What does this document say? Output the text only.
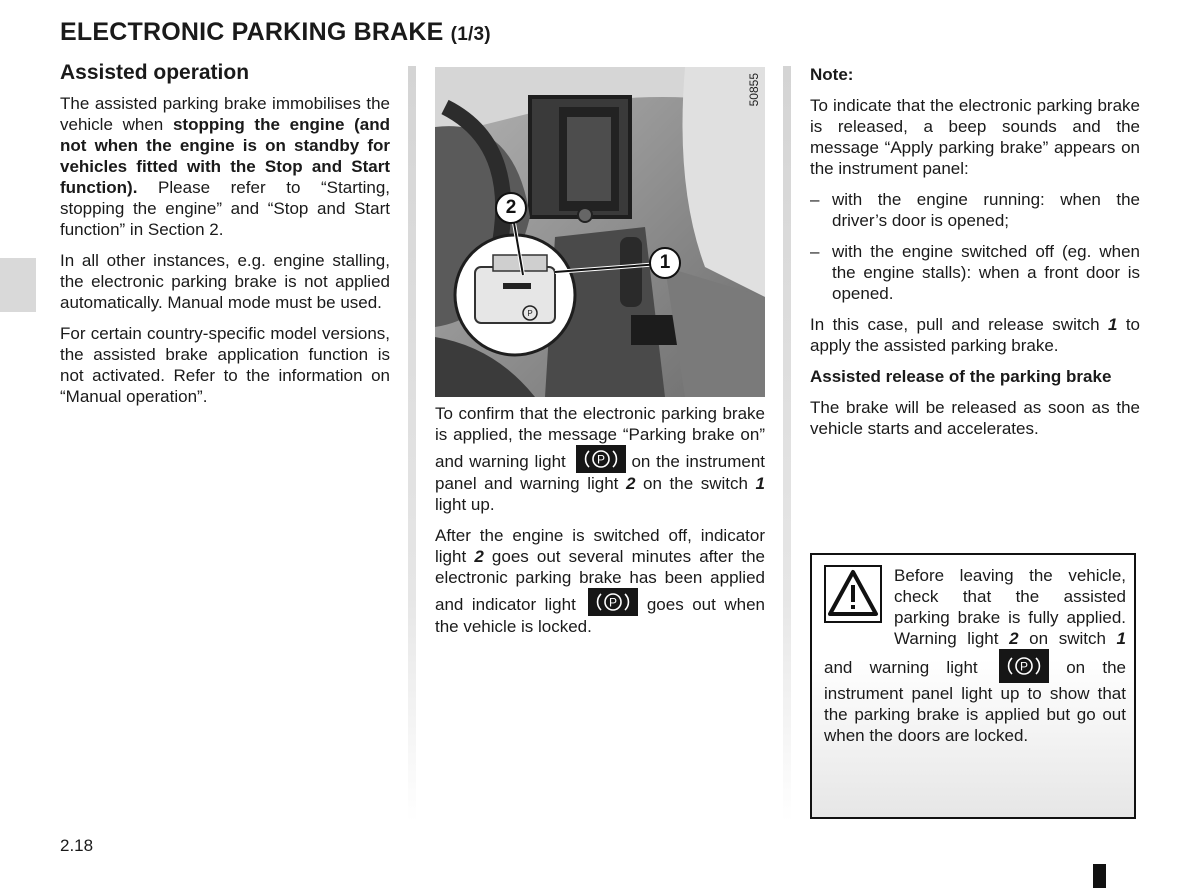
ELECTRONIC PARKING BRAKE (1/3)
Assisted operation

The assisted parking brake immobilises the vehicle when stopping the engine (and not when the engine is on standby for vehicles fitted with the Stop and Start function). Please refer to “Starting, stopping the engine” and “Stop and Start function” in Section 2.

In all other instances, e.g. engine stalling, the electronic parking brake is not applied automatically. Manual mode must be used.

For certain country-specific model versions, the assisted brake application function is not activated. Refer to the information on “Manual operation”.

P
50855
2
1

To confirm that the electronic parking brake is applied, the message “Parking brake on” and warning light	P on the instrument panel and warning light 2 on the switch 1 light up.

After the engine is switched off, indicator light 2 goes out several minutes after the electronic parking brake has been applied and indicator light	P goes out when the vehicle is locked.

Note:

To indicate that the electronic parking brake is released, a beep sounds and the message “Apply parking brake” appears on the instrument panel:

– with the engine running: when the driver’s door is opened;
– with the engine switched off (eg. when the engine stalls): when a front door is opened.

In this case, pull and release switch 1 to apply the assisted parking brake.

Assisted release of the parking brake

The brake will be released as soon as the vehicle starts and accelerates.

Before leaving the vehicle, check that the assisted parking brake is fully applied. Warning light 2 on switch 1 and warning light	P on the instrument panel light up to show that the parking brake is applied but go out when the doors are locked.

2.18
